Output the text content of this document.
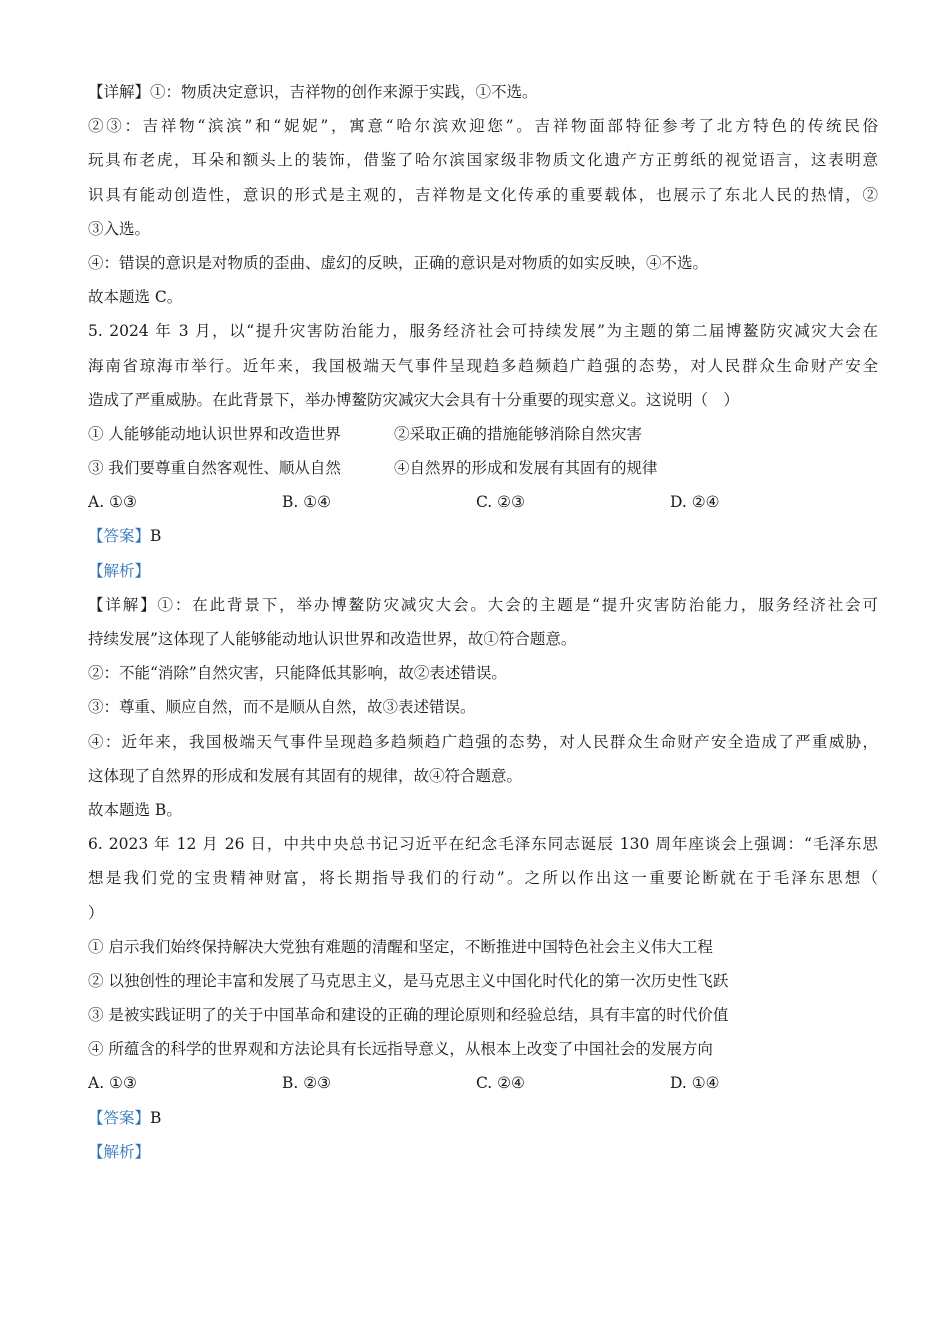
【详解】①：物质决定意识，吉祥物的创作来源于实践，①不选。
②③：吉祥物“滨滨”和“妮妮”，寓意“哈尔滨欢迎您”。吉祥物面部特征参考了北方特色的传统民俗
玩具布老虎，耳朵和额头上的装饰，借鉴了哈尔滨国家级非物质文化遗产方正剪纸的视觉语言，这表明意
识具有能动创造性，意识的形式是主观的，吉祥物是文化传承的重要载体，也展示了东北人民的热情，②
③入选。
④：错误的意识是对物质的歪曲、虚幻的反映，正确的意识是对物质的如实反映，④不选。
故本题选 C。
5. 2024 年 3 月，以“提升灾害防治能力，服务经济社会可持续发展”为主题的第二届博鳌防灾减灾大会在
海南省琼海市举行。近年来，我国极端天气事件呈现趋多趋频趋广趋强的态势，对人民群众生命财产安全
造成了严重威胁。在此背景下，举办博鳌防灾减灾大会具有十分重要的现实意义。这说明（　）
① 人能够能动地认识世界和改造世界	②采取正确的措施能够消除自然灾害
③ 我们要尊重自然客观性、顺从自然	④自然界的形成和发展有其固有的规律
A. ①③	B. ①④	C. ②③	D. ②④
【答案】B
【解析】
【详解】①：在此背景下，举办博鳌防灾减灾大会。大会的主题是“提升灾害防治能力，服务经济社会可
持续发展”这体现了人能够能动地认识世界和改造世界，故①符合题意。
②：不能“消除”自然灾害，只能降低其影响，故②表述错误。
③：尊重、顺应自然，而不是顺从自然，故③表述错误。
④：近年来，我国极端天气事件呈现趋多趋频趋广趋强的态势，对人民群众生命财产安全造成了严重威胁，
这体现了自然界的形成和发展有其固有的规律，故④符合题意。
故本题选 B。
6. 2023 年 12 月 26 日，中共中央总书记习近平在纪念毛泽东同志诞辰 130 周年座谈会上强调：“毛泽东思
想是我们党的宝贵精神财富，将长期指导我们的行动”。之所以作出这一重要论断就在于毛泽东思想（
）
① 启示我们始终保持解决大党独有难题的清醒和坚定，不断推进中国特色社会主义伟大工程
② 以独创性的理论丰富和发展了马克思主义，是马克思主义中国化时代化的第一次历史性飞跃
③ 是被实践证明了的关于中国革命和建设的正确的理论原则和经验总结，具有丰富的时代价值
④ 所蕴含的科学的世界观和方法论具有长远指导意义，从根本上改变了中国社会的发展方向
A. ①③	B. ②③	C. ②④	D. ①④
【答案】B
【解析】
